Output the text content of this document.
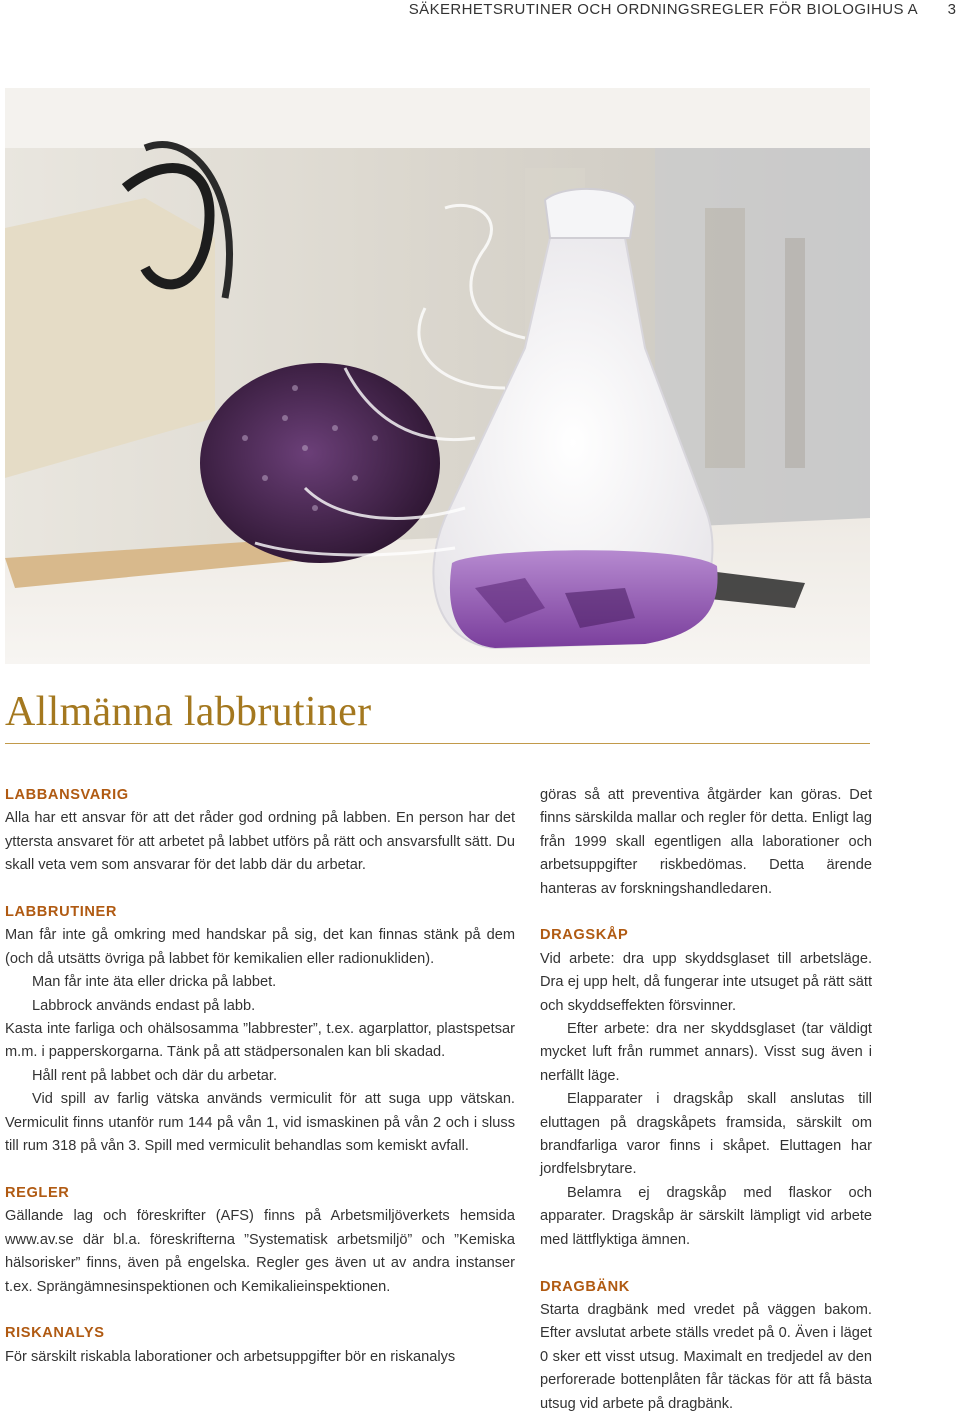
SÄKERHETSRUTINER OCH ORDNINGSREGLER FÖR BIOLOGIHUS A 3
Allmänna labbrutiner
LABBANSVARIG

Alla har ett ansvar för att det råder god ordning på labben. En person har det yttersta ansvaret för att arbetet på labbet utförs på rätt och ansvarsfullt sätt. Du skall veta vem som ansvarar för det labb där du arbetar.

LABBRUTINER

Man får inte gå omkring med handskar på sig, det kan finnas stänk på dem (och då utsätts övriga på labbet för kemikalien eller radionukliden).

Man får inte äta eller dricka på labbet.

Labbrock används endast på labb.

Kasta inte farliga och ohälsosamma ”labbrester”, t.ex. agarplattor, plastspetsar m.m. i papperskorgarna. Tänk på att städpersonalen kan bli skadad.

Håll rent på labbet och där du arbetar.

Vid spill av farlig vätska används vermiculit för att suga upp vätskan. Vermiculit finns utanför rum 144 på vån 1, vid ismaskinen på vån 2 och i sluss till rum 318 på vån 3. Spill med vermiculit behandlas som kemiskt avfall.

REGLER

Gällande lag och föreskrifter (AFS) finns på Arbetsmiljöverkets hemsida www.av.se där bl.a. föreskrifterna ”Systematisk arbetsmiljö” och ”Kemiska hälsorisker” finns, även på engelska. Regler ges även ut av andra instanser t.ex. Sprängämnesinspektionen och Kemikalieinspektionen.

RISKANALYS

För särskilt riskabla laborationer och arbetsuppgifter bör en riskanalys

göras så att preventiva åtgärder kan göras. Det finns särskilda mallar och regler för detta. Enligt lag från 1999 skall egentligen alla laborationer och arbetsuppgifter riskbedömas. Detta ärende hanteras av forskningshandledaren.

DRAGSKÅP

Vid arbete: dra upp skyddsglaset till arbetsläge. Dra ej upp helt, då fungerar inte utsuget på rätt sätt och skyddseffekten försvinner.

Efter arbete: dra ner skyddsglaset (tar väldigt mycket luft från rummet annars). Visst sug även i nerfällt läge.

Elapparater i dragskåp skall anslutas till eluttagen på dragskåpets framsida, särskilt om brandfarliga varor finns i skåpet. Eluttagen har jordfelsbrytare.

Belamra ej dragskåp med flaskor och apparater. Dragskåp är särskilt lämpligt vid arbete med lättflyktiga ämnen.

DRAGBÄNK

Starta dragbänk med vredet på väggen bakom. Efter avslutat arbete ställs vredet på 0. Även i läget 0 sker ett visst utsug. Maximalt en tredjedel av den perforerade bottenplåten får täckas för att få bästa utsug vid arbete på dragbänk.
